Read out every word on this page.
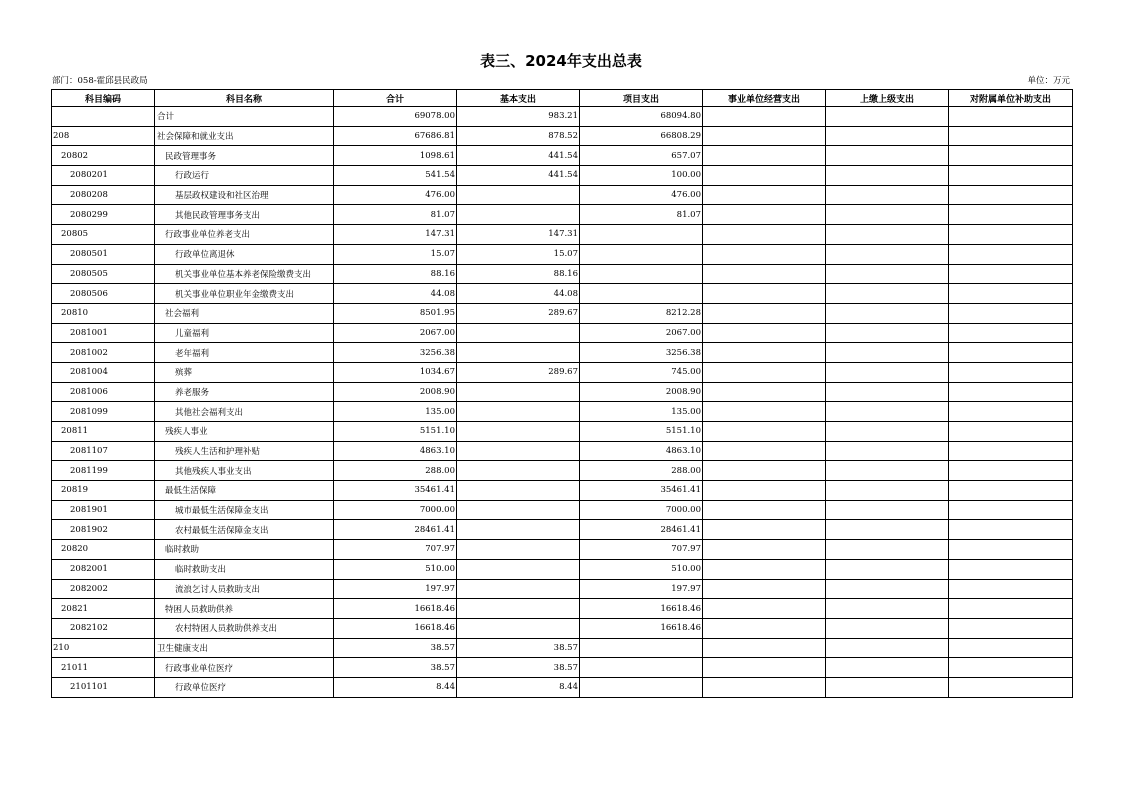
表三、2024年支出总表
部门：058-霍邱县民政局	单位：万元
科目编码	科目名称	合计	基本支出	项目支出	事业单位经营支出	上缴上级支出	对附属单位补助支出
	合计	69078.00	983.21	68094.80			
208	社会保障和就业支出	67686.81	878.52	66808.29			
20802	民政管理事务	1098.61	441.54	657.07			
2080201	行政运行	541.54	441.54	100.00			
2080208	基层政权建设和社区治理	476.00		476.00			
2080299	其他民政管理事务支出	81.07		81.07			
20805	行政事业单位养老支出	147.31	147.31				
2080501	行政单位离退休	15.07	15.07				
2080505	机关事业单位基本养老保险缴费支出	88.16	88.16				
2080506	机关事业单位职业年金缴费支出	44.08	44.08				
20810	社会福利	8501.95	289.67	8212.28			
2081001	儿童福利	2067.00		2067.00			
2081002	老年福利	3256.38		3256.38			
2081004	殡葬	1034.67	289.67	745.00			
2081006	养老服务	2008.90		2008.90			
2081099	其他社会福利支出	135.00		135.00			
20811	残疾人事业	5151.10		5151.10			
2081107	残疾人生活和护理补贴	4863.10		4863.10			
2081199	其他残疾人事业支出	288.00		288.00			
20819	最低生活保障	35461.41		35461.41			
2081901	城市最低生活保障金支出	7000.00		7000.00			
2081902	农村最低生活保障金支出	28461.41		28461.41			
20820	临时救助	707.97		707.97			
2082001	临时救助支出	510.00		510.00			
2082002	流浪乞讨人员救助支出	197.97		197.97			
20821	特困人员救助供养	16618.46		16618.46			
2082102	农村特困人员救助供养支出	16618.46		16618.46			
210	卫生健康支出	38.57	38.57				
21011	行政事业单位医疗	38.57	38.57				
2101101	行政单位医疗	8.44	8.44				
